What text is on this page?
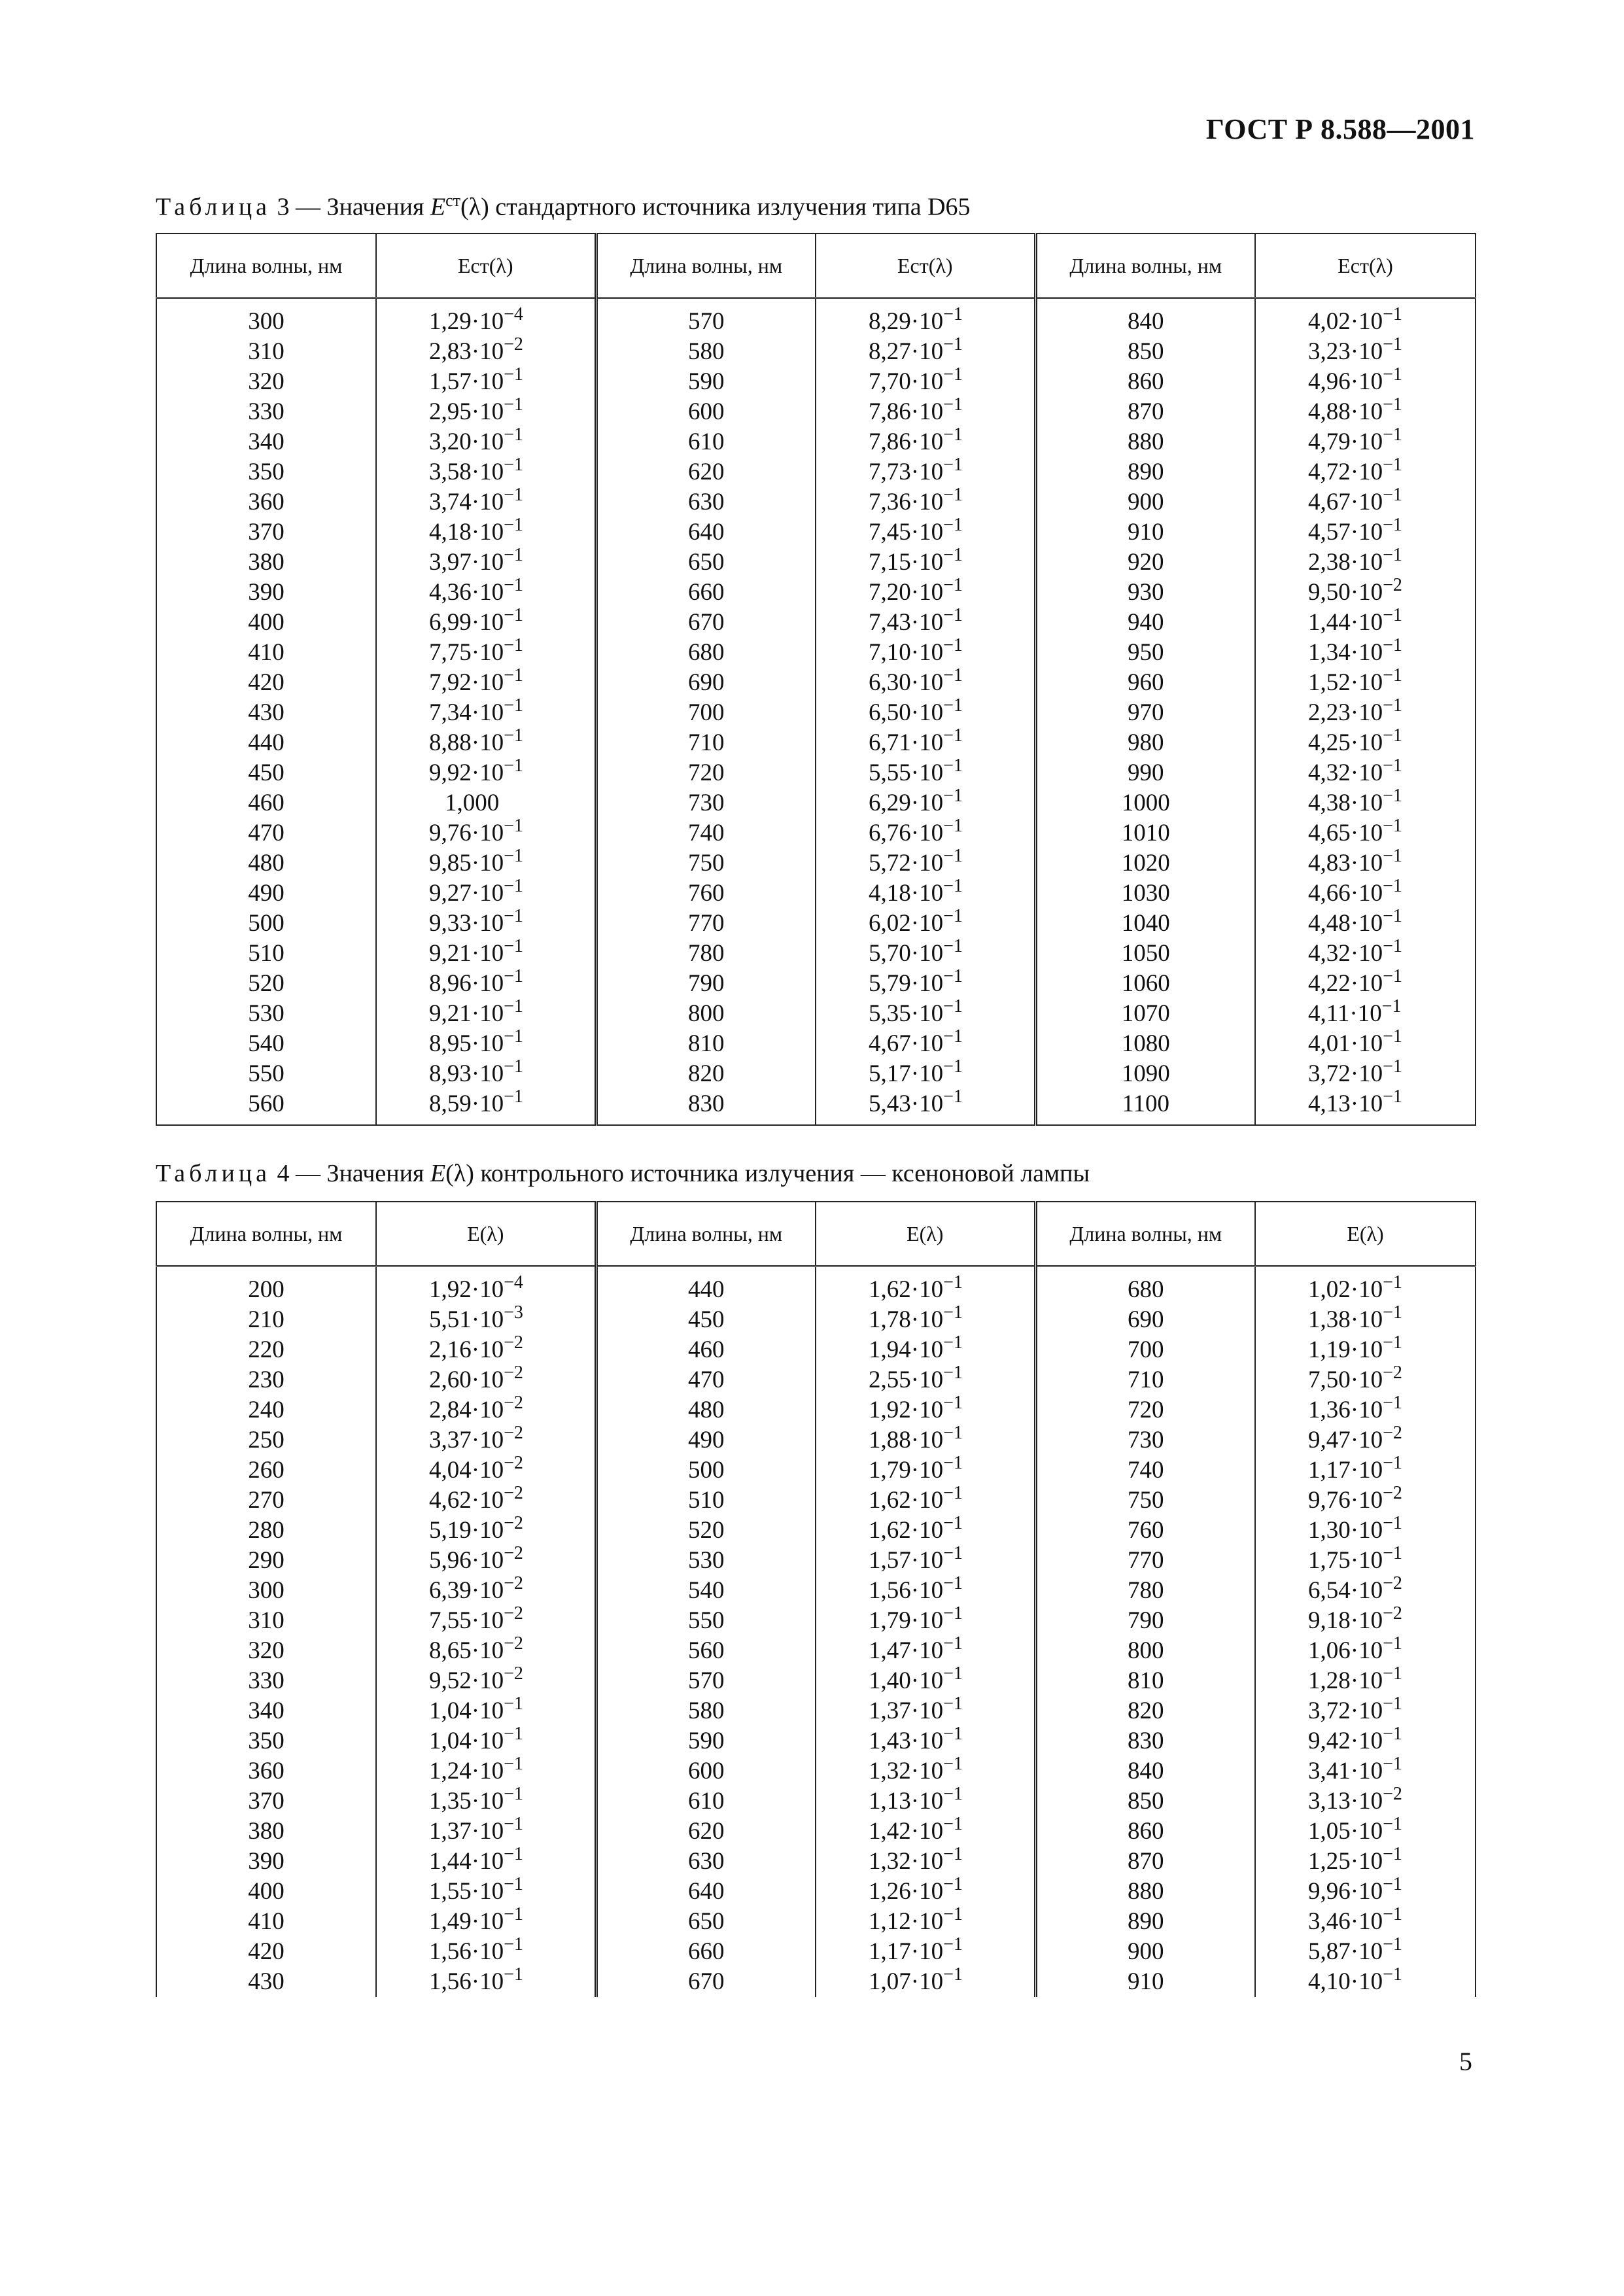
ГОСТ Р 8.588—2001
Таблица 3 — Значения $E^{ст}(\lambda)$ стандартного источника излучения типа D65
Длина волны, нм	Eст(λ)	Длина волны, нм	Eст(λ)	Длина волны, нм	Eст(λ)
300	$1,29\cdot 10^{-4}$	570	$8,29\cdot 10^{-1}$	840	$4,02\cdot 10^{-1}$
310	$2,83\cdot 10^{-2}$	580	$8,27\cdot 10^{-1}$	850	$3,23\cdot 10^{-1}$
320	$1,57\cdot 10^{-1}$	590	$7,70\cdot 10^{-1}$	860	$4,96\cdot 10^{-1}$
330	$2,95\cdot 10^{-1}$	600	$7,86\cdot 10^{-1}$	870	$4,88\cdot 10^{-1}$
340	$3,20\cdot 10^{-1}$	610	$7,86\cdot 10^{-1}$	880	$4,79\cdot 10^{-1}$
350	$3,58\cdot 10^{-1}$	620	$7,73\cdot 10^{-1}$	890	$4,72\cdot 10^{-1}$
360	$3,74\cdot 10^{-1}$	630	$7,36\cdot 10^{-1}$	900	$4,67\cdot 10^{-1}$
370	$4,18\cdot 10^{-1}$	640	$7,45\cdot 10^{-1}$	910	$4,57\cdot 10^{-1}$
380	$3,97\cdot 10^{-1}$	650	$7,15\cdot 10^{-1}$	920	$2,38\cdot 10^{-1}$
390	$4,36\cdot 10^{-1}$	660	$7,20\cdot 10^{-1}$	930	$9,50\cdot 10^{-2}$
400	$6,99\cdot 10^{-1}$	670	$7,43\cdot 10^{-1}$	940	$1,44\cdot 10^{-1}$
410	$7,75\cdot 10^{-1}$	680	$7,10\cdot 10^{-1}$	950	$1,34\cdot 10^{-1}$
420	$7,92\cdot 10^{-1}$	690	$6,30\cdot 10^{-1}$	960	$1,52\cdot 10^{-1}$
430	$7,34\cdot 10^{-1}$	700	$6,50\cdot 10^{-1}$	970	$2,23\cdot 10^{-1}$
440	$8,88\cdot 10^{-1}$	710	$6,71\cdot 10^{-1}$	980	$4,25\cdot 10^{-1}$
450	$9,92\cdot 10^{-1}$	720	$5,55\cdot 10^{-1}$	990	$4,32\cdot 10^{-1}$
460	1,000	730	$6,29\cdot 10^{-1}$	1000	$4,38\cdot 10^{-1}$
470	$9,76\cdot 10^{-1}$	740	$6,76\cdot 10^{-1}$	1010	$4,65\cdot 10^{-1}$
480	$9,85\cdot 10^{-1}$	750	$5,72\cdot 10^{-1}$	1020	$4,83\cdot 10^{-1}$
490	$9,27\cdot 10^{-1}$	760	$4,18\cdot 10^{-1}$	1030	$4,66\cdot 10^{-1}$
500	$9,33\cdot 10^{-1}$	770	$6,02\cdot 10^{-1}$	1040	$4,48\cdot 10^{-1}$
510	$9,21\cdot 10^{-1}$	780	$5,70\cdot 10^{-1}$	1050	$4,32\cdot 10^{-1}$
520	$8,96\cdot 10^{-1}$	790	$5,79\cdot 10^{-1}$	1060	$4,22\cdot 10^{-1}$
530	$9,21\cdot 10^{-1}$	800	$5,35\cdot 10^{-1}$	1070	$4,11\cdot 10^{-1}$
540	$8,95\cdot 10^{-1}$	810	$4,67\cdot 10^{-1}$	1080	$4,01\cdot 10^{-1}$
550	$8,93\cdot 10^{-1}$	820	$5,17\cdot 10^{-1}$	1090	$3,72\cdot 10^{-1}$
560	$8,59\cdot 10^{-1}$	830	$5,43\cdot 10^{-1}$	1100	$4,13\cdot 10^{-1}$
Таблица 4 — Значения E(λ) контрольного источника излучения — ксеноновой лампы
Длина волны, нм	E(λ)	Длина волны, нм	E(λ)	Длина волны, нм	E(λ)
200	$1,92\cdot 10^{-4}$	440	$1,62\cdot 10^{-1}$	680	$1,02\cdot 10^{-1}$
210	$5,51\cdot 10^{-3}$	450	$1,78\cdot 10^{-1}$	690	$1,38\cdot 10^{-1}$
220	$2,16\cdot 10^{-2}$	460	$1,94\cdot 10^{-1}$	700	$1,19\cdot 10^{-1}$
230	$2,60\cdot 10^{-2}$	470	$2,55\cdot 10^{-1}$	710	$7,50\cdot 10^{-2}$
240	$2,84\cdot 10^{-2}$	480	$1,92\cdot 10^{-1}$	720	$1,36\cdot 10^{-1}$
250	$3,37\cdot 10^{-2}$	490	$1,88\cdot 10^{-1}$	730	$9,47\cdot 10^{-2}$
260	$4,04\cdot 10^{-2}$	500	$1,79\cdot 10^{-1}$	740	$1,17\cdot 10^{-1}$
270	$4,62\cdot 10^{-2}$	510	$1,62\cdot 10^{-1}$	750	$9,76\cdot 10^{-2}$
280	$5,19\cdot 10^{-2}$	520	$1,62\cdot 10^{-1}$	760	$1,30\cdot 10^{-1}$
290	$5,96\cdot 10^{-2}$	530	$1,57\cdot 10^{-1}$	770	$1,75\cdot 10^{-1}$
300	$6,39\cdot 10^{-2}$	540	$1,56\cdot 10^{-1}$	780	$6,54\cdot 10^{-2}$
310	$7,55\cdot 10^{-2}$	550	$1,79\cdot 10^{-1}$	790	$9,18\cdot 10^{-2}$
320	$8,65\cdot 10^{-2}$	560	$1,47\cdot 10^{-1}$	800	$1,06\cdot 10^{-1}$
330	$9,52\cdot 10^{-2}$	570	$1,40\cdot 10^{-1}$	810	$1,28\cdot 10^{-1}$
340	$1,04\cdot 10^{-1}$	580	$1,37\cdot 10^{-1}$	820	$3,72\cdot 10^{-1}$
350	$1,04\cdot 10^{-1}$	590	$1,43\cdot 10^{-1}$	830	$9,42\cdot 10^{-1}$
360	$1,24\cdot 10^{-1}$	600	$1,32\cdot 10^{-1}$	840	$3,41\cdot 10^{-1}$
370	$1,35\cdot 10^{-1}$	610	$1,13\cdot 10^{-1}$	850	$3,13\cdot 10^{-2}$
380	$1,37\cdot 10^{-1}$	620	$1,42\cdot 10^{-1}$	860	$1,05\cdot 10^{-1}$
390	$1,44\cdot 10^{-1}$	630	$1,32\cdot 10^{-1}$	870	$1,25\cdot 10^{-1}$
400	$1,55\cdot 10^{-1}$	640	$1,26\cdot 10^{-1}$	880	$9,96\cdot 10^{-1}$
410	$1,49\cdot 10^{-1}$	650	$1,12\cdot 10^{-1}$	890	$3,46\cdot 10^{-1}$
420	$1,56\cdot 10^{-1}$	660	$1,17\cdot 10^{-1}$	900	$5,87\cdot 10^{-1}$
430	$1,56\cdot 10^{-1}$	670	$1,07\cdot 10^{-1}$	910	$4,10\cdot 10^{-1}$
5
